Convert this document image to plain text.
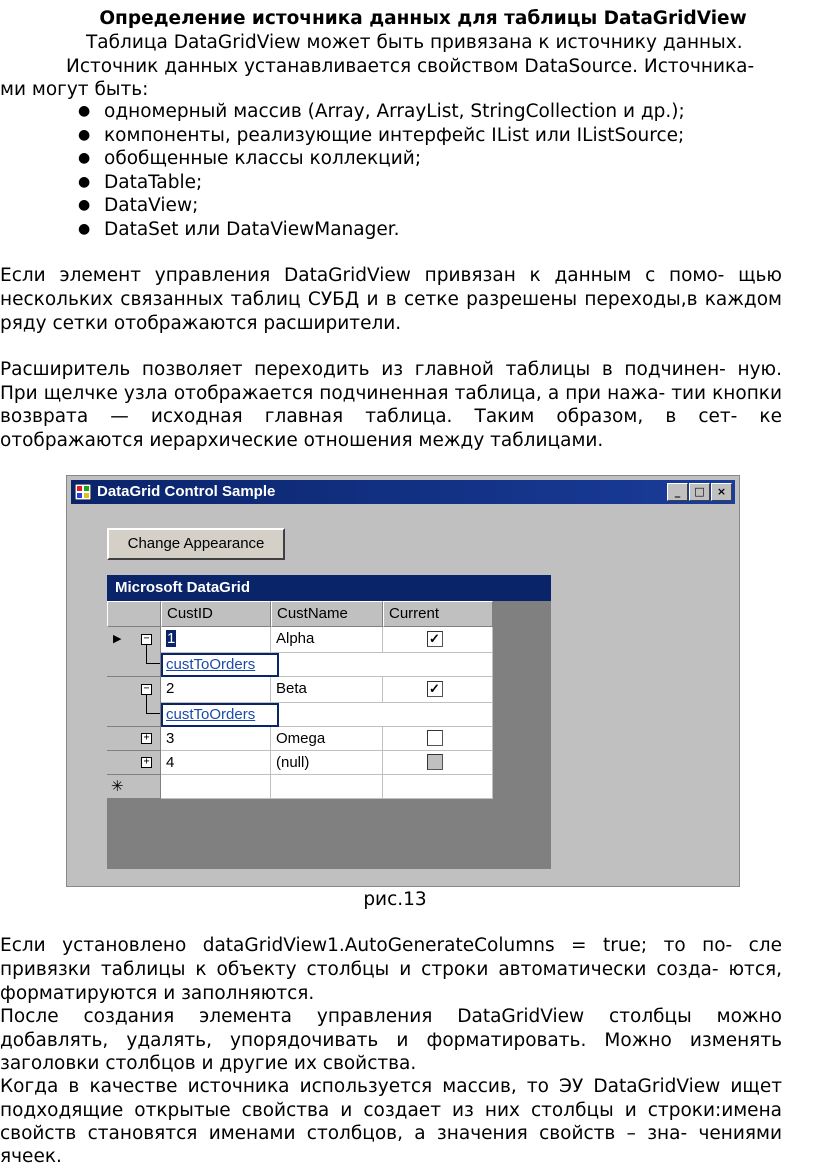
Определение источника данных для таблицы DataGridView
Таблица DataGridView может быть привязана к источнику данных.
Источник данных устанавливается свойством DataSource. Источника-
ми могут быть:
● одномерный массив (Array, ArrayList, StringCollection и др.);
● компоненты, реализующие интерфейс IList или IListSource;
● обобщенные классы коллекций;
● DataTable;
● DataView;
● DataSet или DataViewManager.
Если элемент управления DataGridView привязан к данным с помо- щью
нескольких связанных таблиц СУБД и в сетке разрешены переходы,в каждом
ряду сетки отображаются расширители.
Расширитель позволяет переходить из главной таблицы в подчинен- ную.
При щелчке узла отображается подчиненная таблица, а при нажа- тии кнопки
возврата — исходная главная таблица. Таким образом, в сет- ке
отображаются иерархические отношения между таблицами.
DataGrid Control Sample	_	□	×
Change Appearance
Microsoft DataGrid
CustID	CustName	Current
▶ −	1	Alpha	✓
custToOrders
−	2	Beta	✓
custToOrders
+	3	Omega
+	4	(null)
✳
рис.13
Если установлено dataGridView1.AutoGenerateColumns = true; то по- сле
привязки таблицы к объекту столбцы и строки автоматически созда- ются,
форматируются и заполняются.
После создания элемента управления DataGridView столбцы можно
добавлять, удалять, упорядочивать и форматировать. Можно изменять
заголовки столбцов и другие их свойства.
Когда в качестве источника используется массив, то ЭУ DataGridView ищет
подходящие открытые свойства и создает из них столбцы и строки:имена
свойств становятся именами столбцов, а значения свойств – зна- чениями
ячеек.
